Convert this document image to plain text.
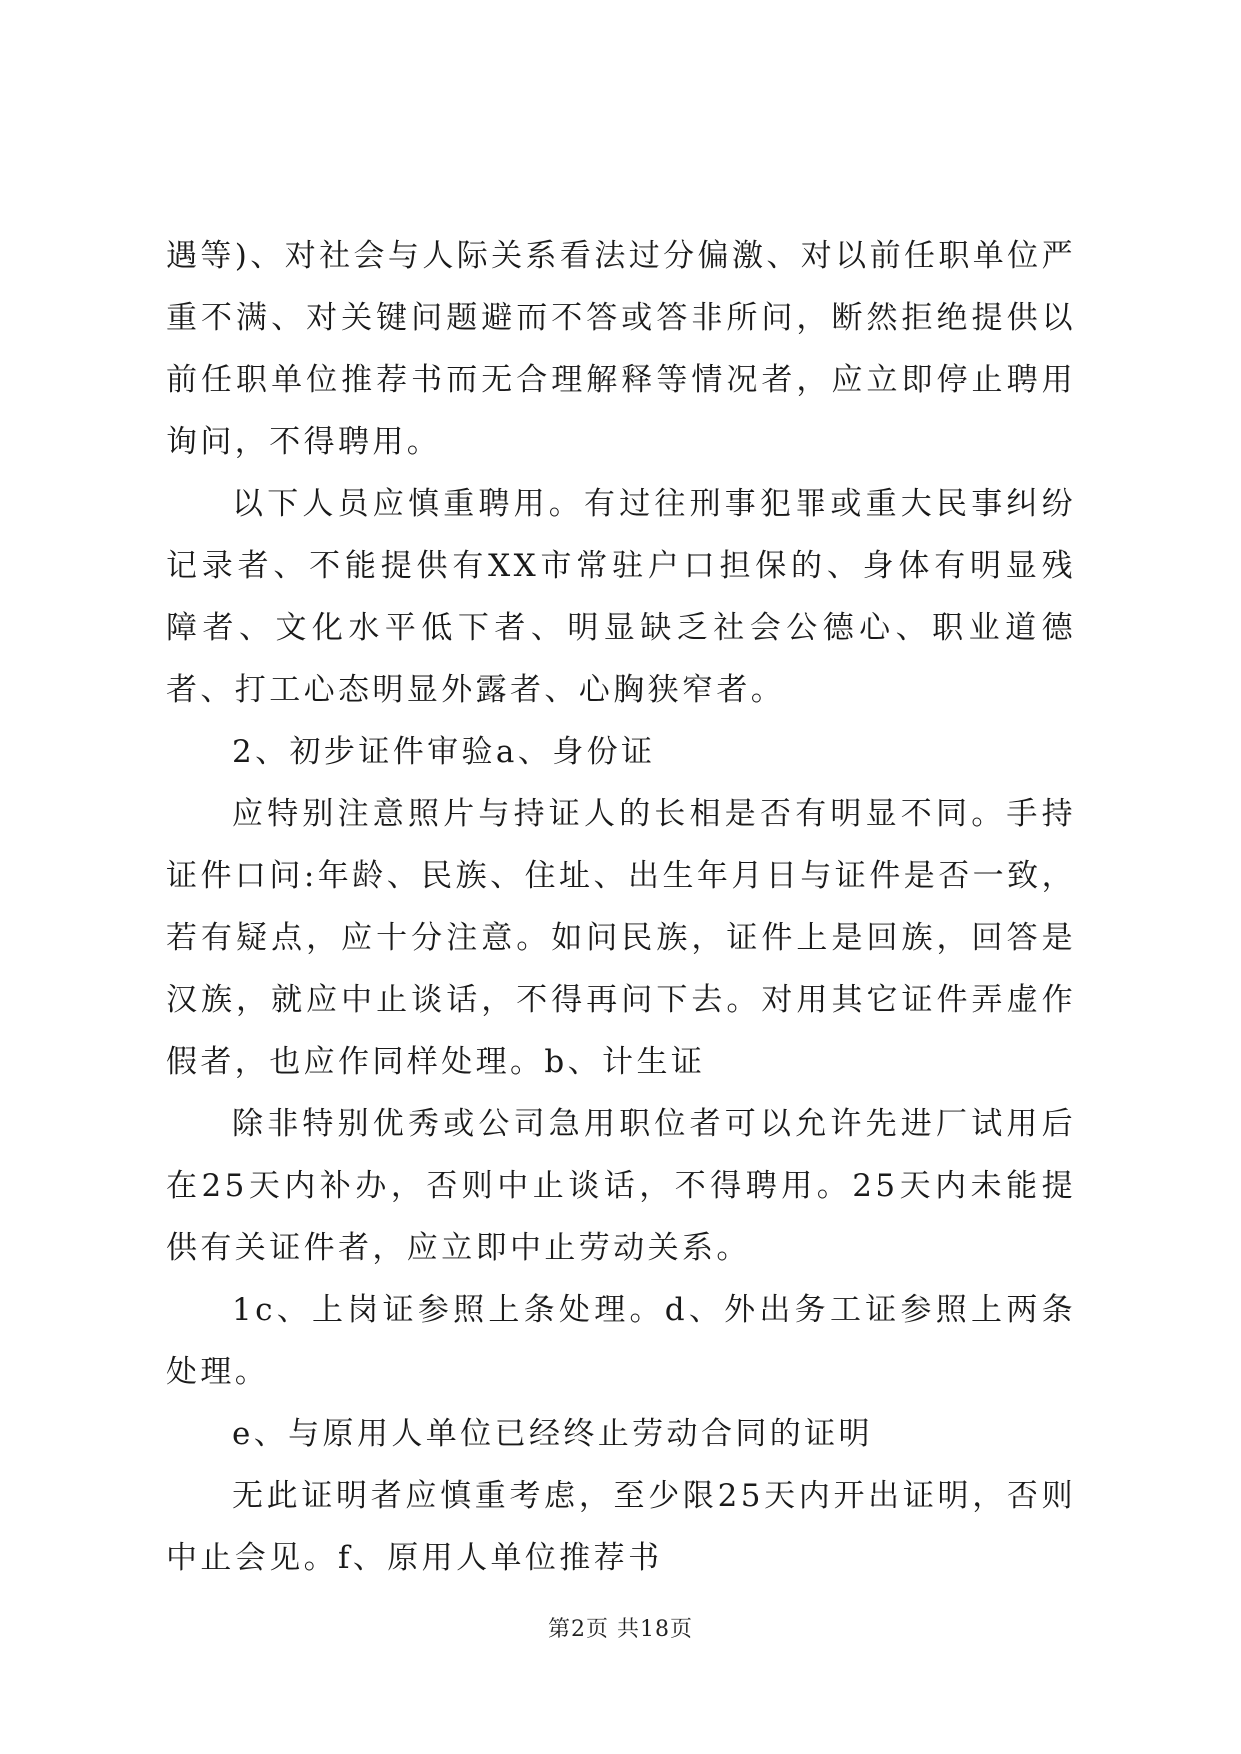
遇等)、对社会与人际关系看法过分偏激、对以前任职单位严重不满、对关键问题避而不答或答非所问，断然拒绝提供以前任职单位推荐书而无合理解释等情况者，应立即停止聘用询问，不得聘用。

以下人员应慎重聘用。有过往刑事犯罪或重大民事纠纷记录者、不能提供有XX市常驻户口担保的、身体有明显残障者、文化水平低下者、明显缺乏社会公德心、职业道德者、打工心态明显外露者、心胸狭窄者。

2、初步证件审验a、身份证

应特别注意照片与持证人的长相是否有明显不同。手持证件口问:年龄、民族、住址、出生年月日与证件是否一致，若有疑点，应十分注意。如问民族，证件上是回族，回答是汉族，就应中止谈话，不得再问下去。对用其它证件弄虚作假者，也应作同样处理。b、计生证

除非特别优秀或公司急用职位者可以允许先进厂试用后在25天内补办，否则中止谈话，不得聘用。25天内未能提供有关证件者，应立即中止劳动关系。

1c、上岗证参照上条处理。d、外出务工证参照上两条处理。

e、与原用人单位已经终止劳动合同的证明

无此证明者应慎重考虑，至少限25天内开出证明，否则中止会见。f、原用人单位推荐书

第2页 共18页
